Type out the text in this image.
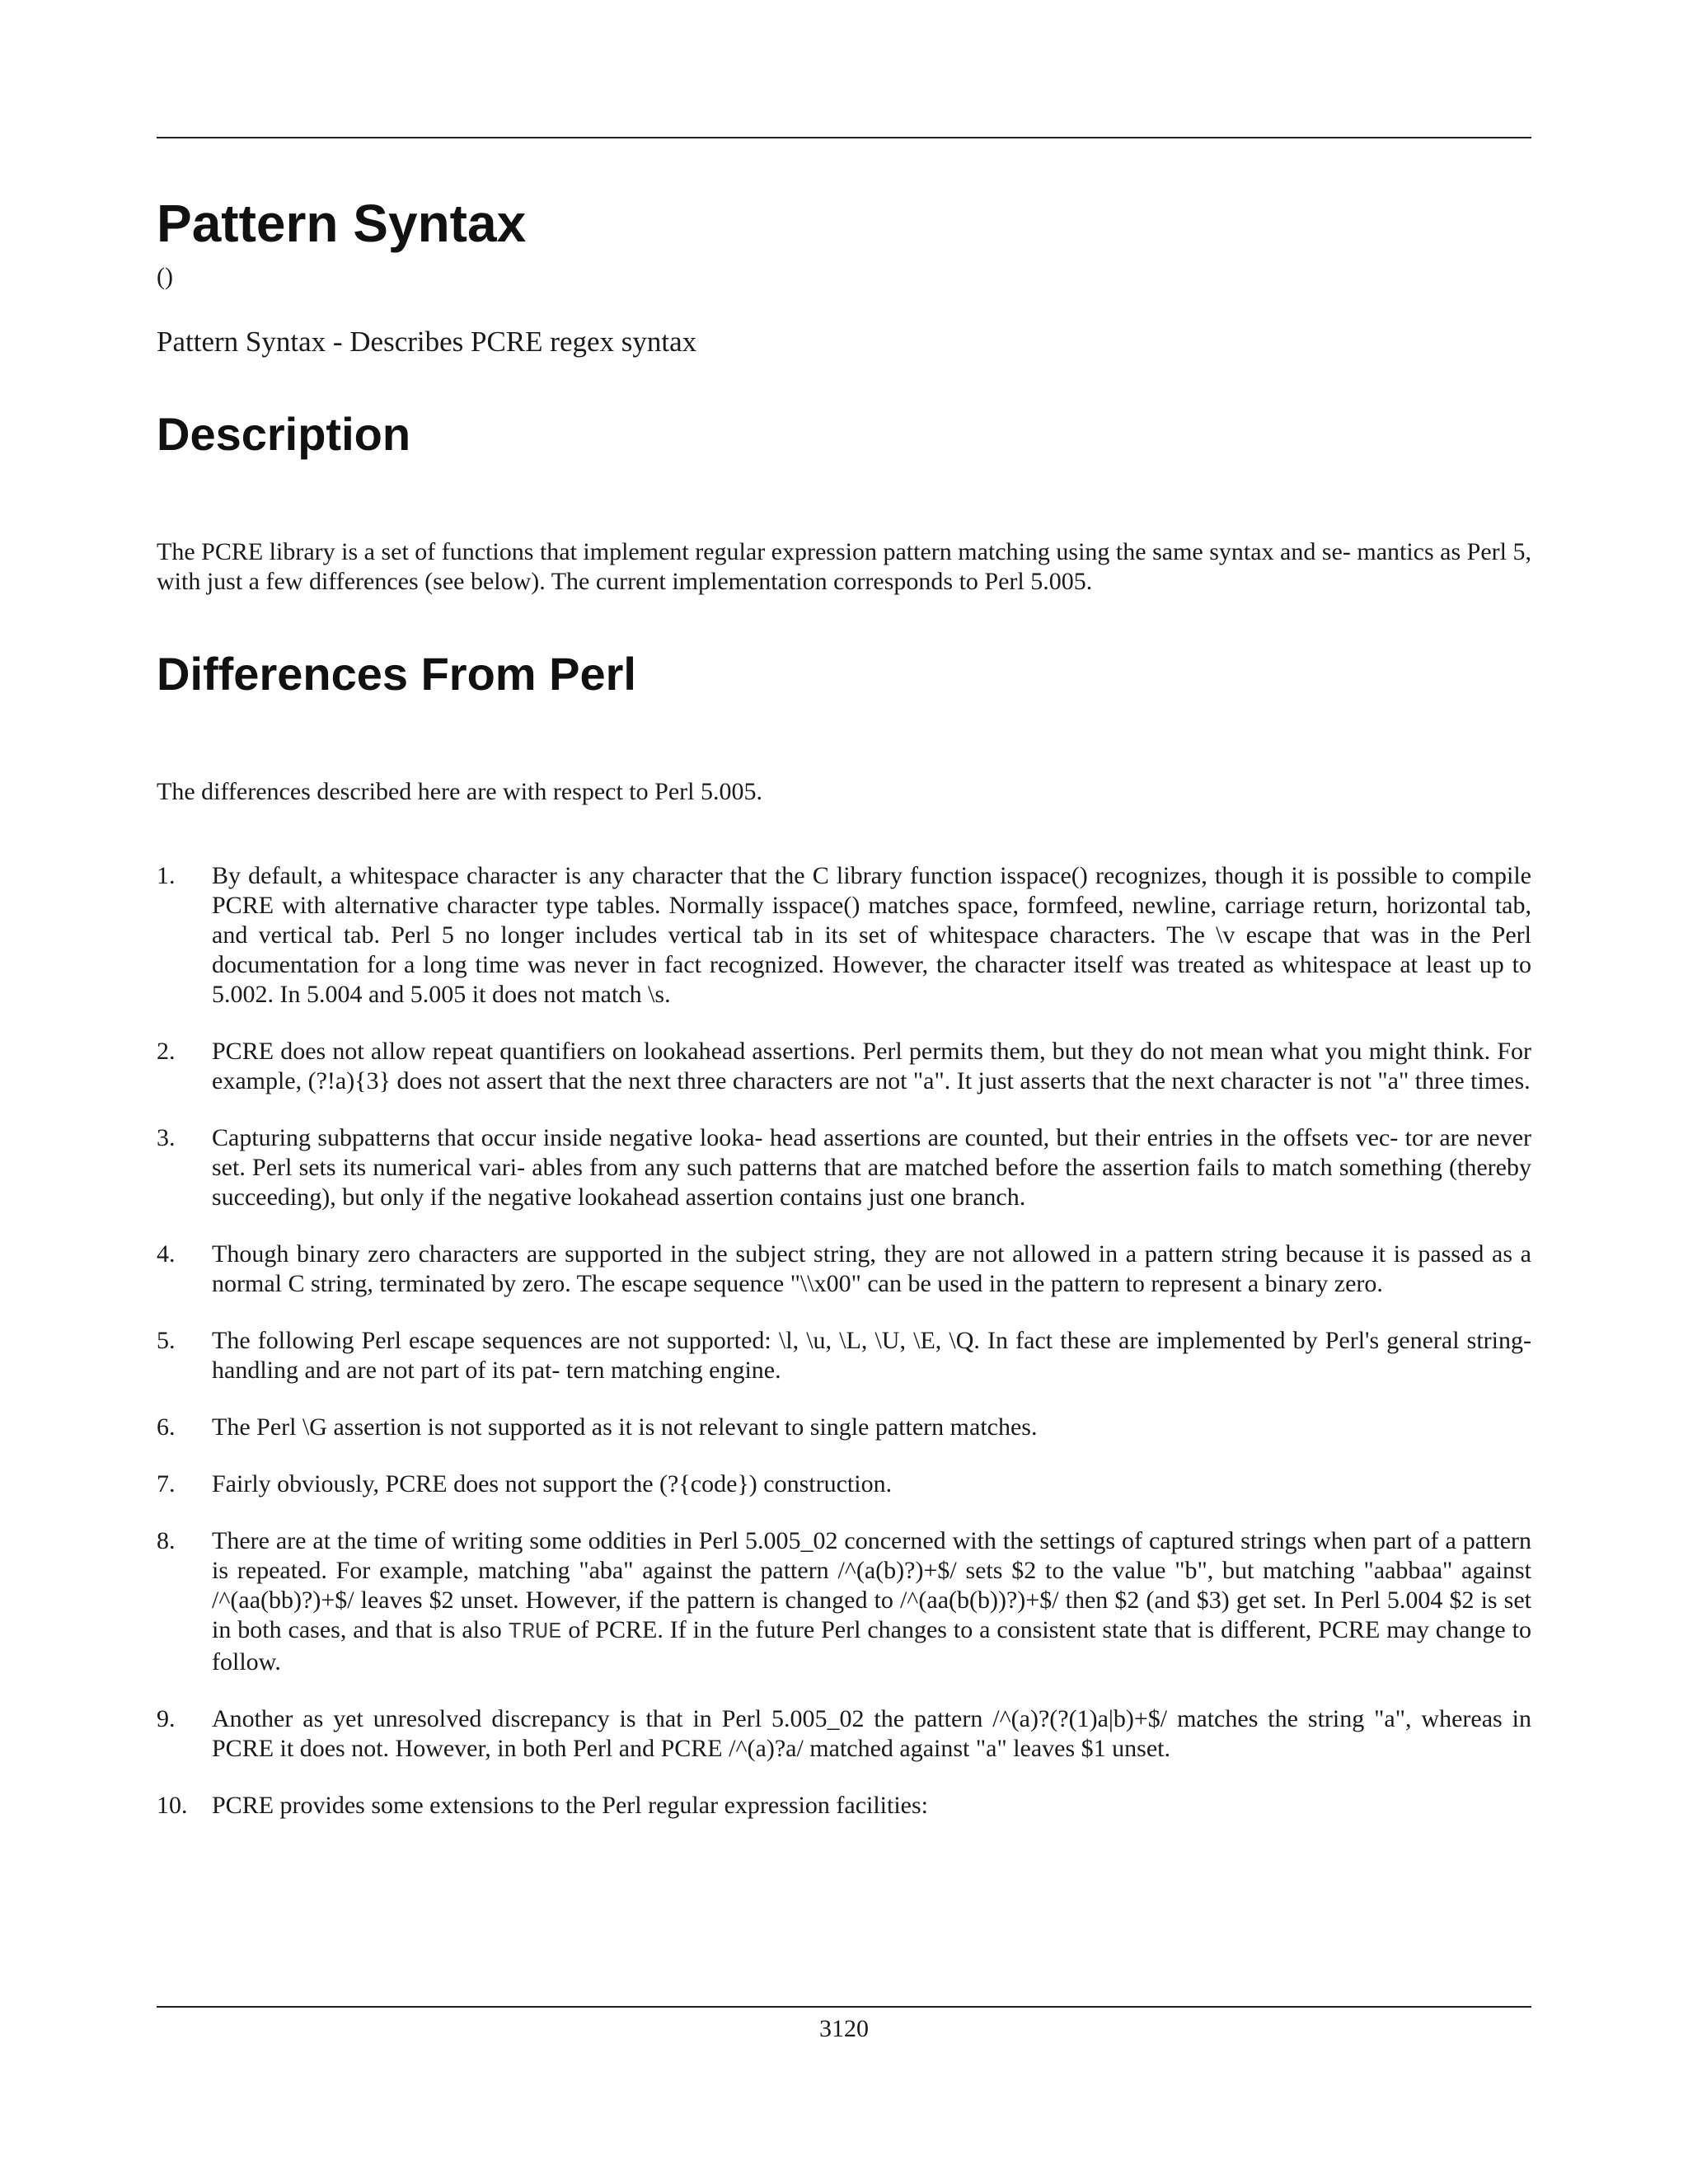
Pattern Syntax

()

Pattern Syntax - Describes PCRE regex syntax

Description

The PCRE library is a set of functions that implement regular expression pattern matching using the same syntax and se- mantics as Perl 5, with just a few differences (see below). The current implementation corresponds to Perl 5.005.

Differences From Perl

The differences described here are with respect to Perl 5.005.

1. By default, a whitespace character is any character that the C library function isspace() recognizes, though it is possible to compile PCRE with alternative character type tables. Normally isspace() matches space, formfeed, newline, carriage return, horizontal tab, and vertical tab. Perl 5 no longer includes vertical tab in its set of whitespace characters. The \v escape that was in the Perl documentation for a long time was never in fact recognized. However, the character itself was treated as whitespace at least up to 5.002. In 5.004 and 5.005 it does not match \s.
2. PCRE does not allow repeat quantifiers on lookahead assertions. Perl permits them, but they do not mean what you might think. For example, (?!a){3} does not assert that the next three characters are not "a". It just asserts that the next character is not "a" three times.
3. Capturing subpatterns that occur inside negative looka- head assertions are counted, but their entries in the offsets vec- tor are never set. Perl sets its numerical vari- ables from any such patterns that are matched before the assertion fails to match something (thereby succeeding), but only if the negative lookahead assertion contains just one branch.
4. Though binary zero characters are supported in the subject string, they are not allowed in a pattern string because it is passed as a normal C string, terminated by zero. The escape sequence "\\x00" can be used in the pattern to represent a binary zero.
5. The following Perl escape sequences are not supported: \l, \u, \L, \U, \E, \Q. In fact these are implemented by Perl's general string-handling and are not part of its pat- tern matching engine.
6. The Perl \G assertion is not supported as it is not relevant to single pattern matches.
7. Fairly obviously, PCRE does not support the (?{code}) construction.
8. There are at the time of writing some oddities in Perl 5.005_02 concerned with the settings of captured strings when part of a pattern is repeated. For example, matching "aba" against the pattern /^(a(b)?)+$/ sets $2 to the value "b", but matching "aabbaa" against /^(aa(bb)?)+$/ leaves $2 unset. However, if the pattern is changed to /^(aa(b(b))?)+$/ then $2 (and $3) get set. In Perl 5.004 $2 is set in both cases, and that is also TRUE of PCRE. If in the future Perl changes to a consistent state that is different, PCRE may change to follow.
9. Another as yet unresolved discrepancy is that in Perl 5.005_02 the pattern /^(a)?(?(1)a|b)+$/ matches the string "a", whereas in PCRE it does not. However, in both Perl and PCRE /^(a)?a/ matched against "a" leaves $1 unset.
10. PCRE provides some extensions to the Perl regular expression facilities:
3120
